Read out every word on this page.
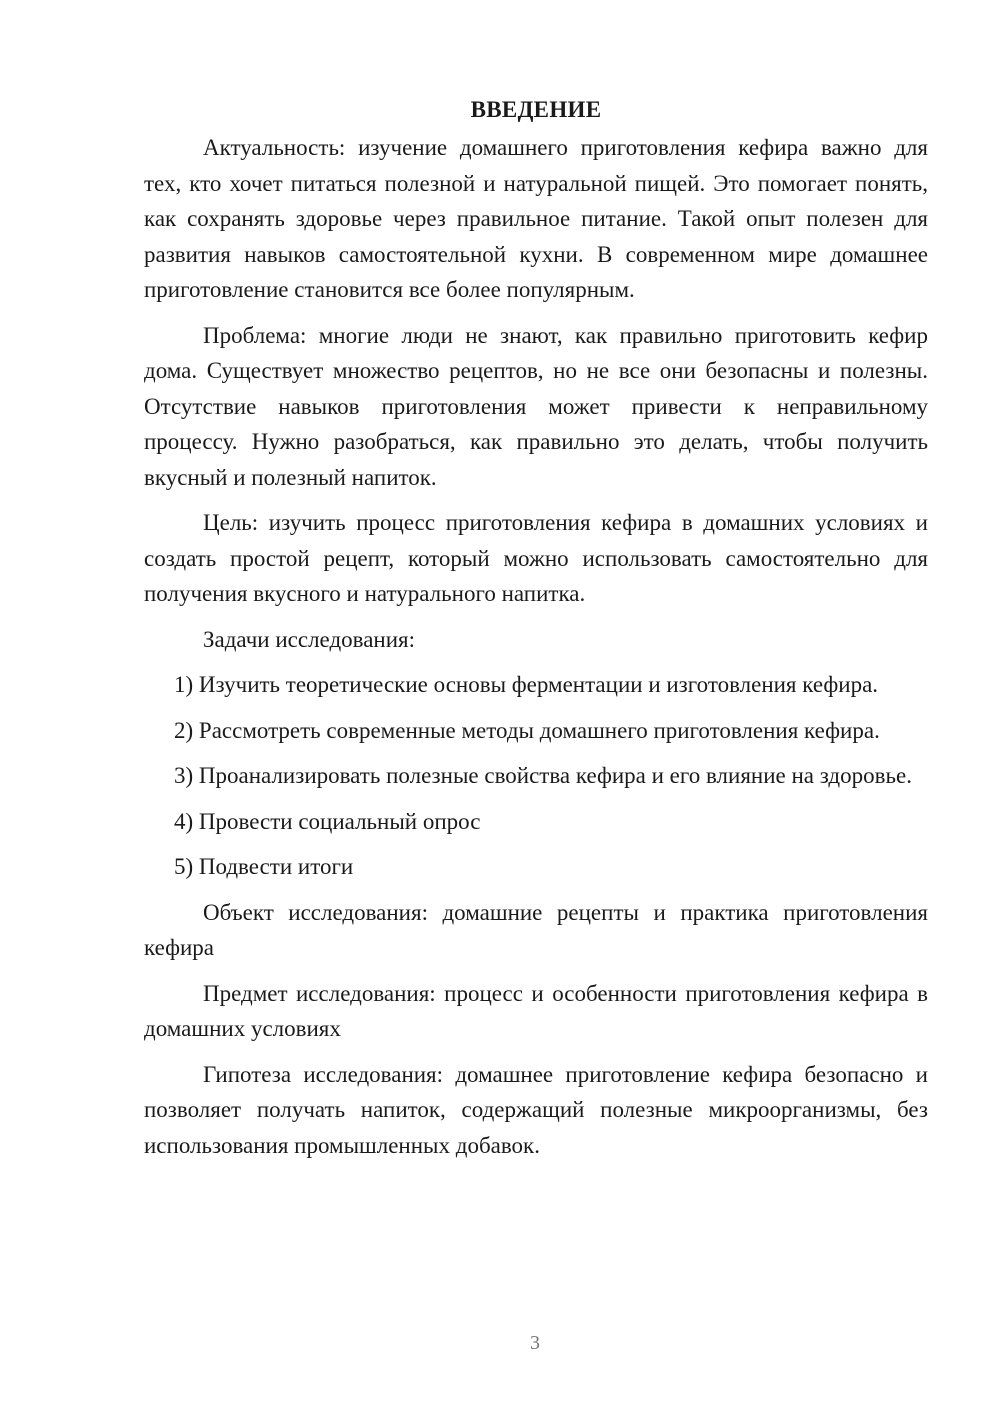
ВВЕДЕНИЕ

Актуальность: изучение домашнего приготовления кефира важно для тех, кто хочет питаться полезной и натуральной пищей. Это помогает понять, как сохранять здоровье через правильное питание. Такой опыт полезен для развития навыков самостоятельной кухни. В современном мире домашнее приготовление становится все более популярным.

Проблема: многие люди не знают, как правильно приготовить кефир дома. Существует множество рецептов, но не все они безопасны и полезны. Отсутствие навыков приготовления может привести к неправильному процессу. Нужно разобраться, как правильно это делать, чтобы получить вкусный и полезный напиток.

Цель: изучить процесс приготовления кефира в домашних условиях и создать простой рецепт, который можно использовать самостоятельно для получения вкусного и натурального напитка.

Задачи исследования:

1) Изучить теоретические основы ферментации и изготовления кефира.

2) Рассмотреть современные методы домашнего приготовления кефира.

3) Проанализировать полезные свойства кефира и его влияние на здоровье.

4) Провести социальный опрос

5) Подвести итоги

Объект исследования: домашние рецепты и практика приготовления кефира

Предмет исследования: процесс и особенности приготовления кефира в домашних условиях

Гипотеза исследования: домашнее приготовление кефира безопасно и позволяет получать напиток, содержащий полезные микроорганизмы, без использования промышленных добавок.

3
